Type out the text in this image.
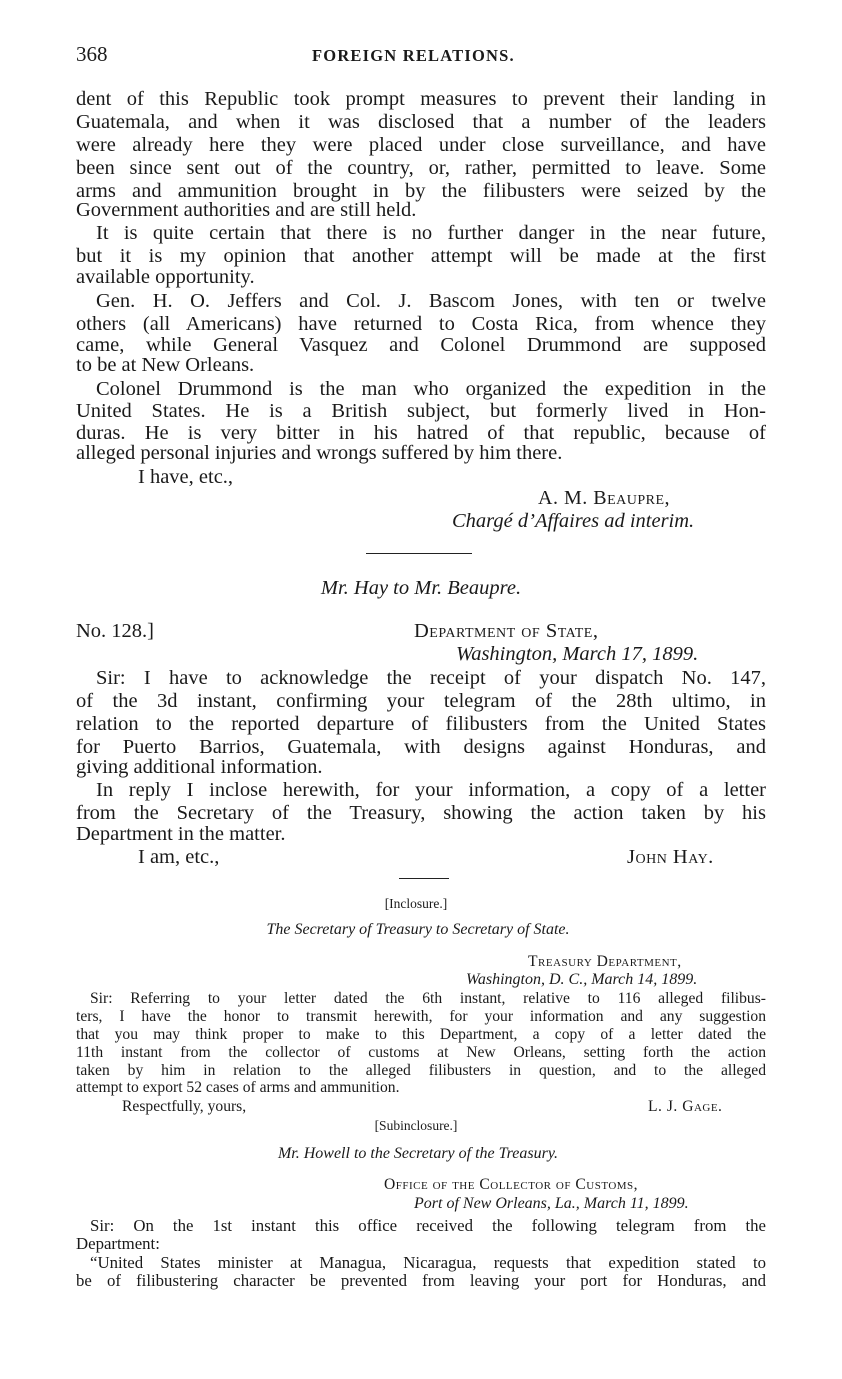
368	FOREIGN RELATIONS.
dent of this Republic took prompt measures to prevent their landing in
Guatemala, and when it was disclosed that a number of the leaders
were already here they were placed under close surveillance, and have
been since sent out of the country, or, rather, permitted to leave. Some
arms and ammunition brought in by the filibusters were seized by the
Government authorities and are still held.
It is quite certain that there is no further danger in the near future,
but it is my opinion that another attempt will be made at the first
available opportunity.
Gen. H. O. Jeffers and Col. J. Bascom Jones, with ten or twelve
others (all Americans) have returned to Costa Rica, from whence they
came, while General Vasquez and Colonel Drummond are supposed
to be at New Orleans.
Colonel Drummond is the man who organized the expedition in the
United States. He is a British subject, but formerly lived in Hon-
duras. He is very bitter in his hatred of that republic, because of
alleged personal injuries and wrongs suffered by him there.
I have, etc.,
A. M. Beaupre,
Chargé d’Affaires ad interim.
Mr. Hay to Mr. Beaupre.
No. 128.]	Department of State,
Washington, March 17, 1899.
Sir: I have to acknowledge the receipt of your dispatch No. 147,
of the 3d instant, confirming your telegram of the 28th ultimo, in
relation to the reported departure of filibusters from the United States
for Puerto Barrios, Guatemala, with designs against Honduras, and
giving additional information.
In reply I inclose herewith, for your information, a copy of a letter
from the Secretary of the Treasury, showing the action taken by his
Department in the matter.
I am, etc.,	John Hay.
[Inclosure.]
The Secretary of Treasury to Secretary of State.
Treasury Department,
Washington, D. C., March 14, 1899.
Sir: Referring to your letter dated the 6th instant, relative to 116 alleged filibus-
ters, I have the honor to transmit herewith, for your information and any suggestion
that you may think proper to make to this Department, a copy of a letter dated the
11th instant from the collector of customs at New Orleans, setting forth the action
taken by him in relation to the alleged filibusters in question, and to the alleged
attempt to export 52 cases of arms and ammunition.
Respectfully, yours,	L. J. Gage.
[Subinclosure.]
Mr. Howell to the Secretary of the Treasury.
Office of the Collector of Customs,
Port of New Orleans, La., March 11, 1899.
Sir: On the 1st instant this office received the following telegram from the
Department:
“United States minister at Managua, Nicaragua, requests that expedition stated to
be of filibustering character be prevented from leaving your port for Honduras, and
